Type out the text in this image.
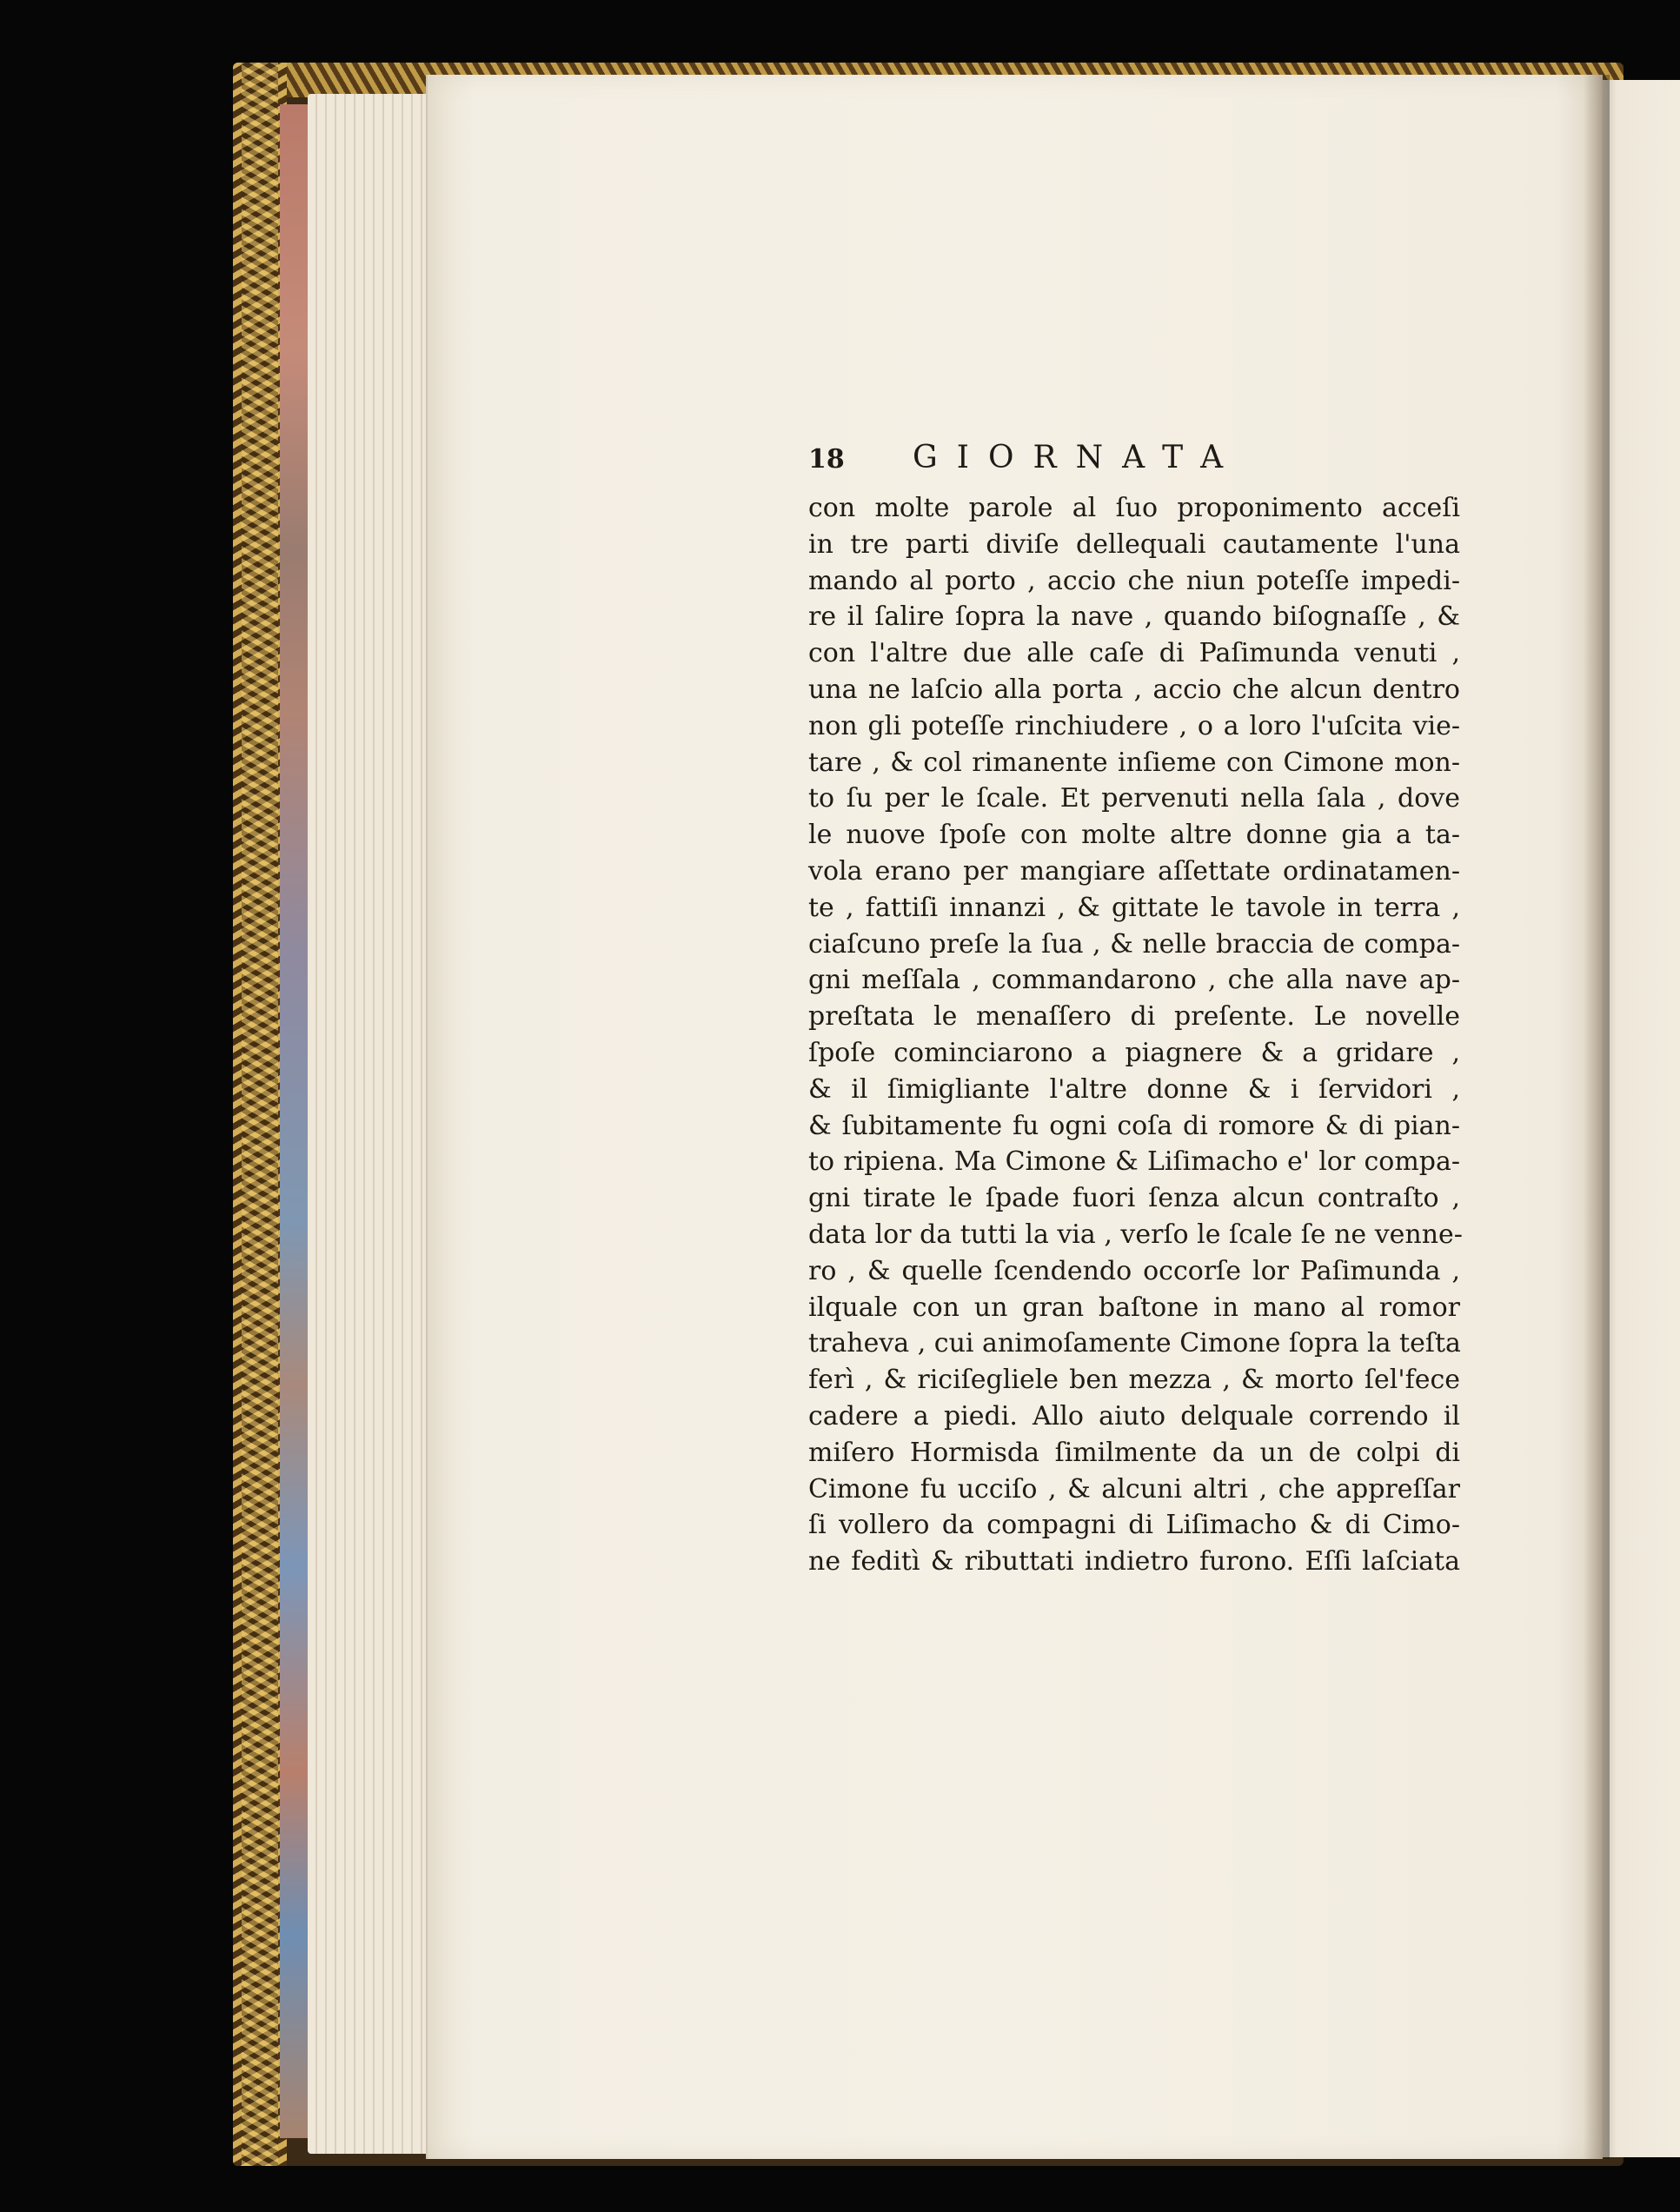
18	GIORNATA
con molte parole al ſuo proponimento acceſi
in tre parti diviſe dellequali cautamente l'una
mando al porto , accio che niun poteſſe impedi-
re il ſalire ſopra la nave , quando biſognaſſe , &
con l'altre due alle caſe di Paſimunda venuti ,
una ne laſcio alla porta , accio che alcun dentro
non gli poteſſe rinchiudere , o a loro l'uſcita vie-
tare , & col rimanente inſieme con Cimone mon-
to ſu per le ſcale. Et pervenuti nella ſala , dove
le nuove ſpoſe con molte altre donne gia a ta-
vola erano per mangiare aſſettate ordinatamen-
te , fattiſi innanzi , & gittate le tavole in terra ,
ciaſcuno preſe la ſua , & nelle braccia de compa-
gni meſſala , commandarono , che alla nave ap-
preſtata le menaſſero di preſente. Le novelle
ſpoſe cominciarono a piagnere & a gridare ,
& il ſimigliante l'altre donne & i ſervidori ,
& ſubitamente fu ogni coſa di romore & di pian-
to ripiena. Ma Cimone & Liſimacho e' lor compa-
gni tirate le ſpade fuori ſenza alcun contraſto ,
data lor da tutti la via , verſo le ſcale ſe ne venne-
ro , & quelle ſcendendo occorſe lor Paſimunda ,
ilquale con un gran baſtone in mano al romor
traheva , cui animoſamente Cimone ſopra la teſta
ferì , & riciſegliele ben mezza , & morto ſel'fece
cadere a piedi. Allo aiuto delquale correndo il
miſero Hormisda ſimilmente da un de colpi di
Cimone fu ucciſo , & alcuni altri , che appreſſar
ſi vollero da compagni di Liſimacho & di Cimo-
ne feditì & ributtati indietro furono. Eſſi laſciata
